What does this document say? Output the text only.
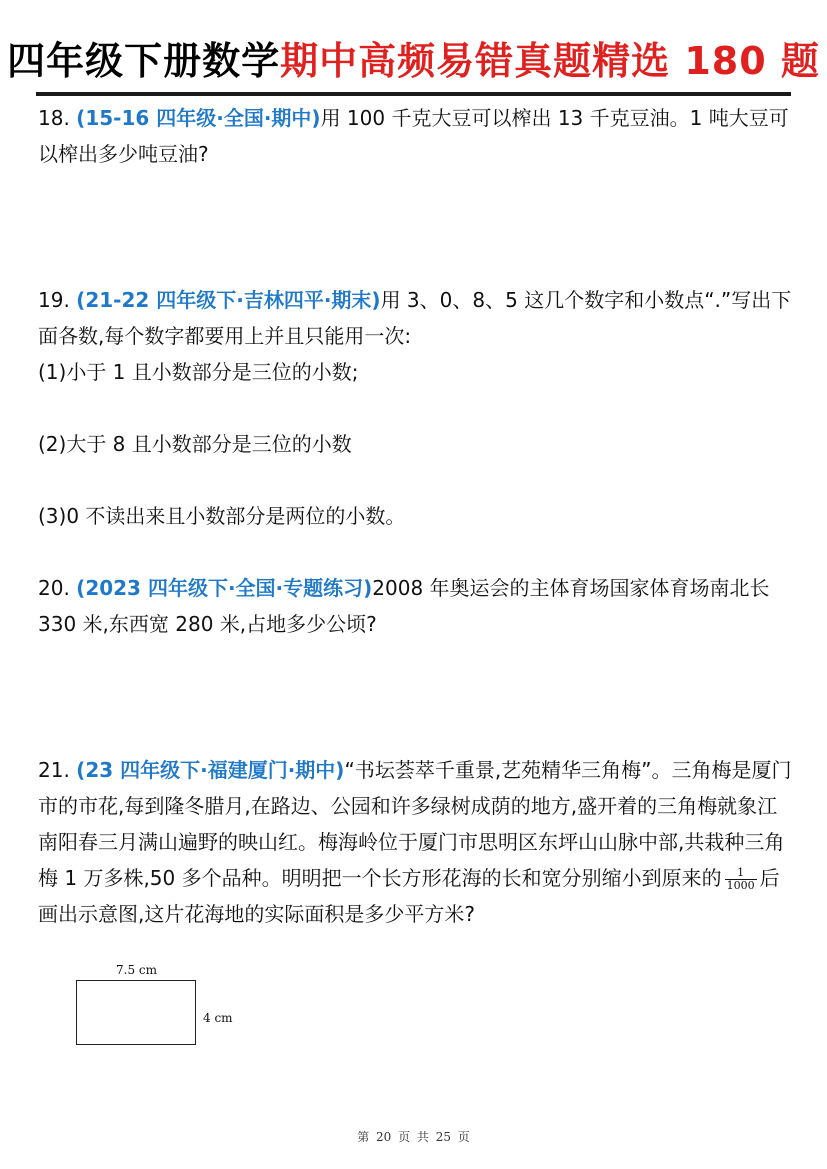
四年级下册数学期中高频易错真题精选 180 题

18. (15-16 四年级·全国·期中)用 100 千克大豆可以榨出 13 千克豆油。1 吨大豆可以榨出多少吨豆油?

19. (21-22 四年级下·吉林四平·期末)用 3、0、8、5 这几个数字和小数点“.”写出下面各数,每个数字都要用上并且只能用一次:

(1)小于 1 且小数部分是三位的小数;
(2)大于 8 且小数部分是三位的小数
(3)0 不读出来且小数部分是两位的小数。

20. (2023 四年级下·全国·专题练习)2008 年奥运会的主体育场国家体育场南北长 330 米,东西宽 280 米,占地多少公顷?

21. (23 四年级下·福建厦门·期中)“书坛荟萃千重景,艺苑精华三角梅”。三角梅是厦门市的市花,每到隆冬腊月,在路边、公园和许多绿树成荫的地方,盛开着的三角梅就象江南阳春三月满山遍野的映山红。梅海岭位于厦门市思明区东坪山山脉中部,共栽种三角梅 1 万多株,50 多个品种。明明把一个长方形花海的长和宽分别缩小到原来的 $\frac{1}{1000}$ 后画出示意图,这片花海地的实际面积是多少平方米?

7.5 cm
4 cm
第 20 页 共 25 页
